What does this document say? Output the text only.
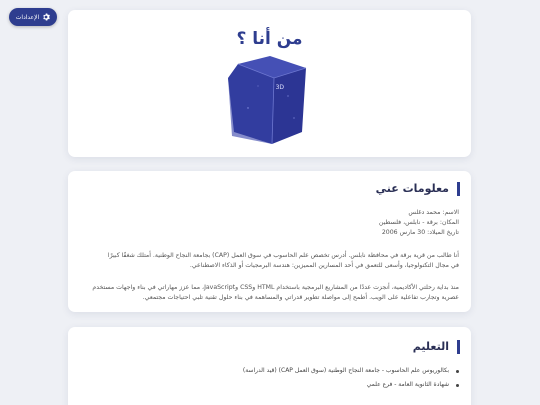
الإعدادات
من أنا ؟
3D
معلومات عني
الاسم: محمد دغلس
المكان: برقة - نابلس، فلسطين
تاريخ الميلاد: 30 مارس 2006
أنا طالب من قرية برقة في محافظة نابلس. أدرس تخصص علم الحاسوب في سوق العمل (CAP) بجامعة النجاح الوطنية. أمتلك شغفًا كبيرًا
في مجال التكنولوجيا، وأسعى للتعمق في أحد المسارين المميزين: هندسة البرمجيات أو الذكاء الاصطناعي.
منذ بداية رحلتي الأكاديمية، أنجزت عددًا من المشاريع البرمجية باستخدام HTML وCSS وJavaScript، مما عزز مهاراتي في بناء واجهات مستخدم
عصرية وتجارب تفاعلية على الويب. أطمح إلى مواصلة تطوير قدراتي والمساهمة في بناء حلول تقنية تلبي احتياجات مجتمعي.
التعليم
بكالوريوس علم الحاسوب - جامعة النجاح الوطنية (سوق العمل CAP) (قيد الدراسة)
شهادة الثانوية العامة - فرع علمي
